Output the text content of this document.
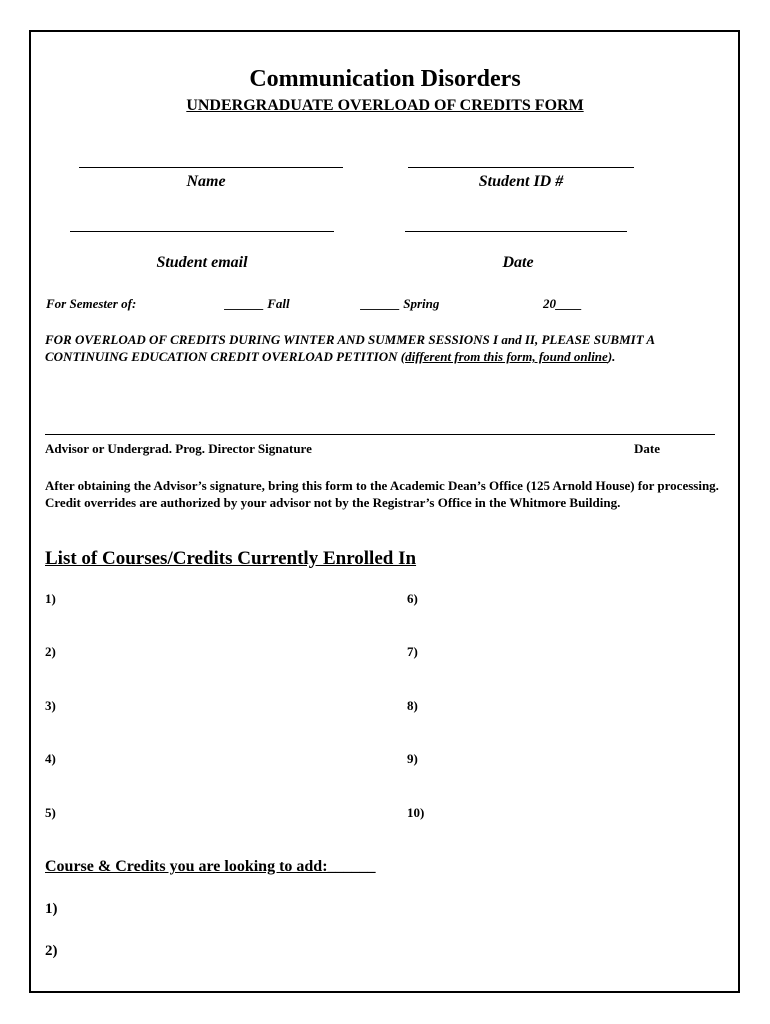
Communication Disorders
UNDERGRADUATE OVERLOAD OF CREDITS FORM
Name	Student ID #
Student email	Date
For Semester of:	______ Fall	______ Spring	20____
FOR OVERLOAD OF CREDITS DURING WINTER AND SUMMER SESSIONS I and II, PLEASE SUBMIT A CONTINUING EDUCATION CREDIT OVERLOAD PETITION (different from this form, found online).
Advisor or Undergrad. Prog. Director Signature	Date
After obtaining the Advisor’s signature, bring this form to the Academic Dean’s Office (125 Arnold House) for processing. Credit overrides are authorized by your advisor not by the Registrar’s Office in the Whitmore Building.
List of Courses/Credits Currently Enrolled In
1)
2)
3)
4)
5)
6)
7)
8)
9)
10)
Course & Credits you are looking to add:______
1)
2)
